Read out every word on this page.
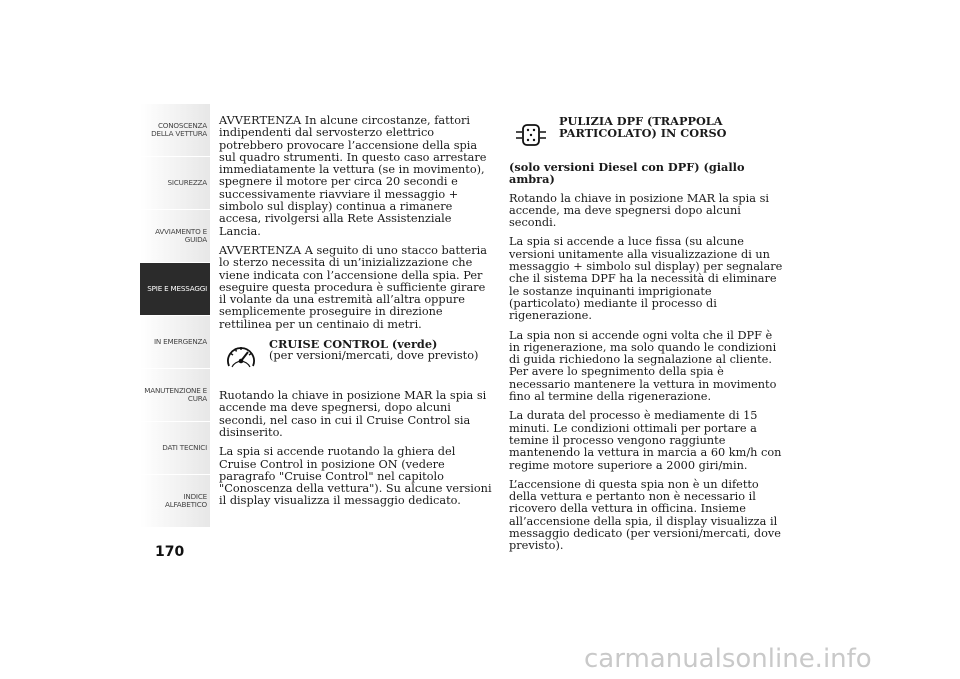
CONOSCENZA
DELLA VETTURA
SICUREZZA
AVVIAMENTO E
GUIDA
SPIE E MESSAGGI
IN EMERGENZA
MANUTENZIONE E
CURA
DATI TECNICI
INDICE
ALFABETICO
170

AVVERTENZA In alcune circostanze, fattori indipendenti dal servosterzo elettrico potrebbero provocare l’accensione della spia sul quadro strumenti. In questo caso arrestare immediatamente la vettura (se in movimento), spegnere il motore per circa 20 secondi e successivamente riavviare il messaggio + simbolo sul display) continua a rimanere accesa, rivolgersi alla Rete Assistenziale Lancia.

AVVERTENZA A seguito di uno stacco batteria lo sterzo necessita di un’inizializzazione che viene indicata con l’accensione della spia. Per eseguire questa procedura è sufficiente girare il volante da una estremità all’altra oppure semplicemente proseguire in direzione rettilinea per un centinaio di metri.

CRUISE CONTROL (verde)
(per versioni/mercati, dove previsto)

Ruotando la chiave in posizione MAR la spia si accende ma deve spegnersi, dopo alcuni secondi, nel caso in cui il Cruise Control sia disinserito.

La spia si accende ruotando la ghiera del Cruise Control in posizione ON (vedere paragrafo "Cruise Control" nel capitolo "Conoscenza della vettura"). Su alcune versioni il display visualizza il messaggio dedicato.

PULIZIA DPF (TRAPPOLA PARTICOLATO) IN CORSO

(solo versioni Diesel con DPF) (giallo ambra)

Rotando la chiave in posizione MAR la spia si accende, ma deve spegnersi dopo alcuni secondi.

La spia si accende a luce fissa (su alcune versioni unitamente alla visualizzazione di un messaggio + simbolo sul display) per segnalare che il sistema DPF ha la necessità di eliminare le sostanze inquinanti imprigionate (particolato) mediante il processo di rigenerazione.

La spia non si accende ogni volta che il DPF è in rigenerazione, ma solo quando le condizioni di guida richiedono la segnalazione al cliente. Per avere lo spegnimento della spia è necessario mantenere la vettura in movimento fino al termine della rigenerazione.

La durata del processo è mediamente di 15 minuti. Le condizioni ottimali per portare a temine il processo vengono raggiunte mantenendo la vettura in marcia a 60 km/h con regime motore superiore a 2000 giri/min.

L’accensione di questa spia non è un difetto della vettura e pertanto non è necessario il ricovero della vettura in officina. Insieme all’accensione della spia, il display visualizza il messaggio dedicato (per versioni/mercati, dove previsto).

carmanualsonline.info
